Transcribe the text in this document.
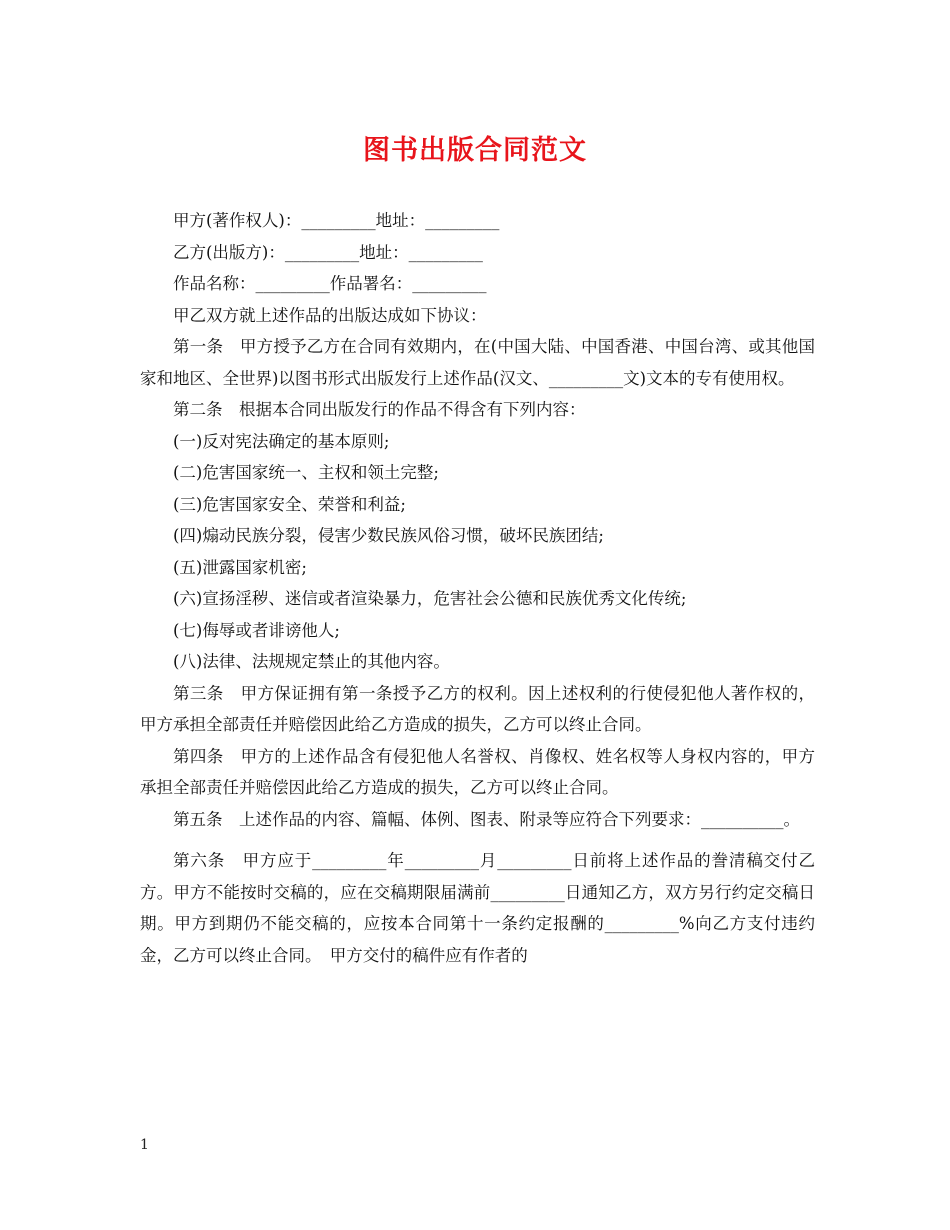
图书出版合同范文

甲方(著作权人)：_________地址：_________

乙方(出版方)：_________地址：_________

作品名称：_________作品署名：_________

甲乙双方就上述作品的出版达成如下协议：

第一条　甲方授予乙方在合同有效期内，在(中国大陆、中国香港、中国台湾、或其他国家和地区、全世界)以图书形式出版发行上述作品(汉文、_________文)文本的专有使用权。

第二条　根据本合同出版发行的作品不得含有下列内容：

(一)反对宪法确定的基本原则;

(二)危害国家统一、主权和领土完整;

(三)危害国家安全、荣誉和利益;

(四)煽动民族分裂，侵害少数民族风俗习惯，破坏民族团结;

(五)泄露国家机密;

(六)宣扬淫秽、迷信或者渲染暴力，危害社会公德和民族优秀文化传统;

(七)侮辱或者诽谤他人;

(八)法律、法规规定禁止的其他内容。

第三条　甲方保证拥有第一条授予乙方的权利。因上述权利的行使侵犯他人著作权的，甲方承担全部责任并赔偿因此给乙方造成的损失，乙方可以终止合同。

第四条　甲方的上述作品含有侵犯他人名誉权、肖像权、姓名权等人身权内容的，甲方承担全部责任并赔偿因此给乙方造成的损失，乙方可以终止合同。

第五条　上述作品的内容、篇幅、体例、图表、附录等应符合下列要求：__________。

第六条　甲方应于_________年_________月_________日前将上述作品的誊清稿交付乙方。甲方不能按时交稿的，应在交稿期限届满前_________日通知乙方，双方另行约定交稿日期。甲方到期仍不能交稿的，应按本合同第十一条约定报酬的_________%向乙方支付违约金，乙方可以终止合同。　甲方交付的稿件应有作者的

1
